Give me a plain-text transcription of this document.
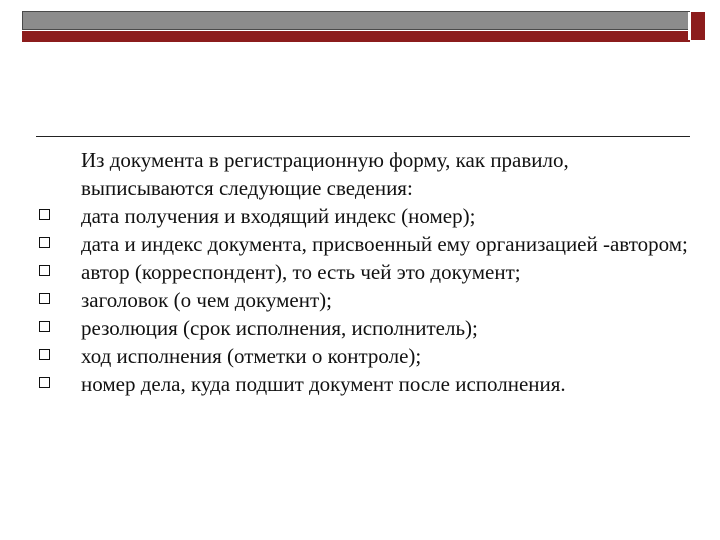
Из документа в регистрационную форму, как правило, выписываются следующие сведения:
дата получения и входящий индекс (номер);
дата и индекс документа, присвоенный ему организацией -автором;
автор (корреспондент), то есть чей это документ;
заголовок (о чем документ);
резолюция (срок исполнения, исполнитель);
ход исполнения (отметки о контроле);
номер дела, куда подшит документ после исполнения.
